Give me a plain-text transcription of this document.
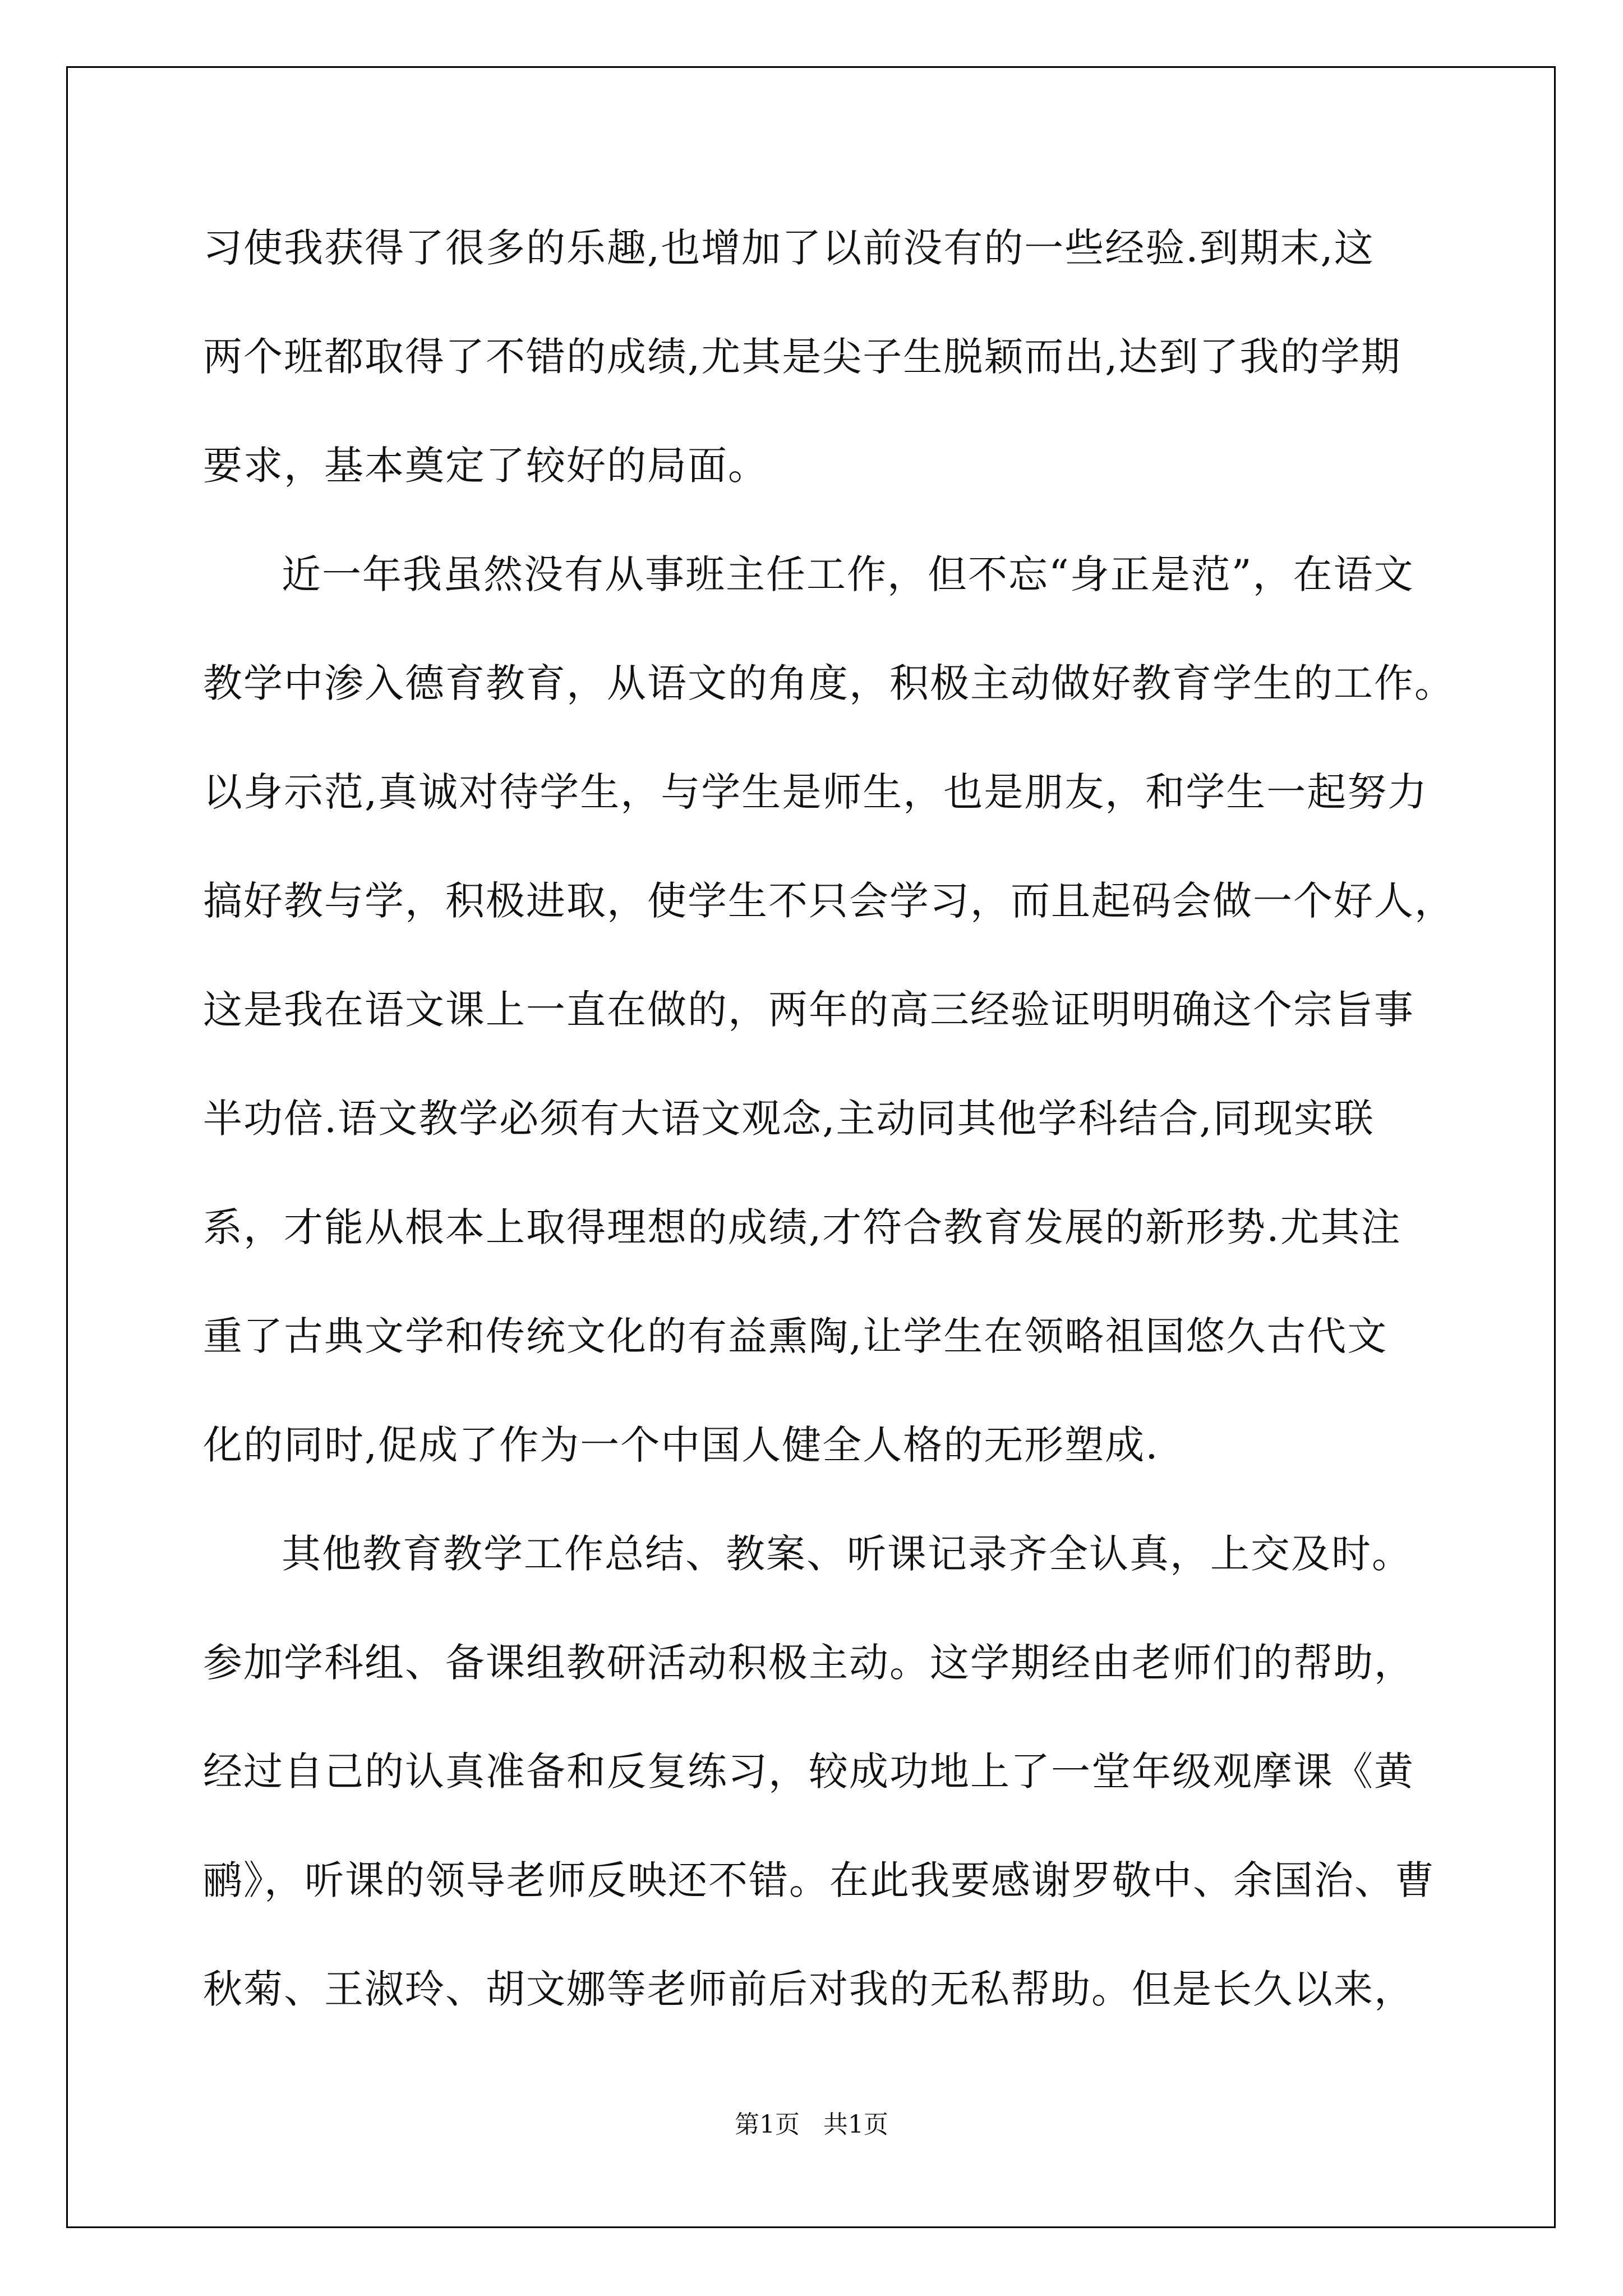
习使我获得了很多的乐趣,也增加了以前没有的一些经验.到期末,这
两个班都取得了不错的成绩,尤其是尖子生脱颖而出,达到了我的学期
要求，基本奠定了较好的局面。
近一年我虽然没有从事班主任工作，但不忘“身正是范”，在语文
教学中渗入德育教育，从语文的角度，积极主动做好教育学生的工作。
以身示范,真诚对待学生，与学生是师生，也是朋友，和学生一起努力
搞好教与学，积极进取，使学生不只会学习，而且起码会做一个好人，
这是我在语文课上一直在做的，两年的高三经验证明明确这个宗旨事
半功倍.语文教学必须有大语文观念,主动同其他学科结合,同现实联
系，才能从根本上取得理想的成绩,才符合教育发展的新形势.尤其注
重了古典文学和传统文化的有益熏陶,让学生在领略祖国悠久古代文
化的同时,促成了作为一个中国人健全人格的无形塑成.
其他教育教学工作总结、教案、听课记录齐全认真，上交及时。
参加学科组、备课组教研活动积极主动。这学期经由老师们的帮助，
经过自己的认真准备和反复练习，较成功地上了一堂年级观摩课《黄
鹂》，听课的领导老师反映还不错。在此我要感谢罗敬中、余国治、曹
秋菊、王淑玲、胡文娜等老师前后对我的无私帮助。但是长久以来，
第1页   共1页
